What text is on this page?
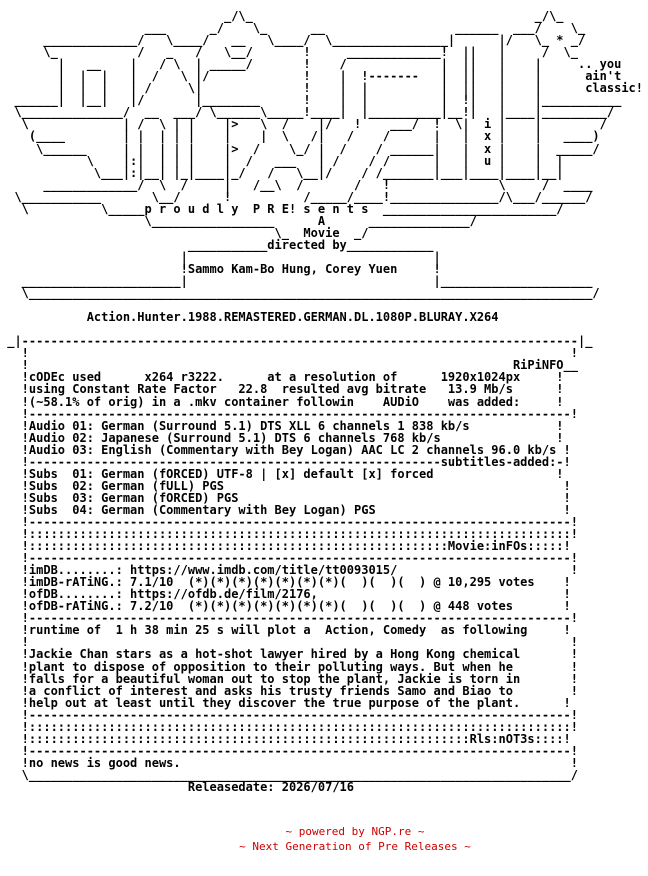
_/\_                                       _/\_
___      _/    \_      __                  ______  ___/    \_
_____________/   \____/   __   \____/  \________________|      |/   \_ * _/
\_           /   _   /   \__/       !     _____________!  ||   |     /  \_
|   __    |   / \  | _____/       !    /             |  ||   |    |     .. you
|  |  |   |  /   \ |/             !    |  !-------   |  ||   |    |      ain't
|  |  |   | /     \|              !    |  |          |  ||   |    |      classic!
______|  |__|   |/       |________      !    |  |          |  !|   |    |___________
\______________/  __  ___/ \______\_____!____|  |__________|__!|   |____|_________/
\             | /  \ | |    |>   \  /    |/   !    ___/  !  \|  i |    |        /
(____        | |  | | |    |    |  \   /|   /    /      |   |  x |    |   ____)
\______     | |  | | |    |>  /    \_/ |  /    / ______|   |  x |    |  _____/
\    |:|  | | |    |  /   ___   | /    / /      |   |  u |    |  |
\___|:|__| |_|____|_/   /   \__|/    / /_______|___|____|____|__|
_____________/  \  /     |   /__\  /       /   !               \     /  ____
\___________       \__/      !          /_____/____!_______________/\___/______/
\          \_____p r o u d l y  P R E! s e n t s  ________________________/
\_________________      A      ______________/
\_  Movie  _/
___________directed by____________
|                                  |
!Sammo Kam-Bo Hung, Corey Yuen     !
______________________|                                  |_____________________
\______________________________________________________________________________/

Action.Hunter.1988.REMASTERED.GERMAN.DL.1080P.BLURAY.X264

_|-----------------------------------------------------------------------------|_
!                                                                           !
!                                                                   RiPiNFO__
!cODEc used      x264 r3222.      at a resolution of      1920x1024px     !
!using Constant Rate Factor   22.8  resulted avg bitrate   13.9 Mb/s      !
!(~58.1% of orig) in a .mkv container followin    AUDiO    was added:     !
!---------------------------------------------------------------------------!
!Audio 01: German (Surround 5.1) DTS XLL 6 channels 1 838 kb/s            !
!Audio 02: Japanese (Surround 5.1) DTS 6 channels 768 kb/s                !
!Audio 03: English (Commentary with Bey Logan) AAC LC 2 channels 96.0 kb/s !
!---------------------------------------------------------subtitles-added:-!
!Subs  01: German (fORCED) UTF-8 | [x] default [x] forced                 !
!Subs  02: German (fULL) PGS                                               !
!Subs  03: German (fORCED) PGS                                             !
!Subs  04: German (Commentary with Bey Logan) PGS                          !
!---------------------------------------------------------------------------!
!:::::::::::::::::::::::::::::::::::::::::::::::::::::::::::::::::::::::::::!
!::::::::::::::::::::::::::::::::::::::::::::::::::::::::::Movie:inFOs:::::!
!---------------------------------------------------------------------------!
!imDB........: https://www.imdb.com/title/tt0093015/                        !
!imDB-rATiNG.: 7.1/10  (*)(*)(*)(*)(*)(*)(*)(  )(  )(  ) @ 10,295 votes    !
!ofDB........: https://ofdb.de/film/2176,                                  !
!ofDB-rATiNG.: 7.2/10  (*)(*)(*)(*)(*)(*)(*)(  )(  )(  ) @ 448 votes       !
!---------------------------------------------------------------------------!
!runtime of  1 h 38 min 25 s will plot a  Action, Comedy  as following     !
!                                                                           !
!Jackie Chan stars as a hot-shot lawyer hired by a Hong Kong chemical       !
!plant to dispose of opposition to their polluting ways. But when he        !
!falls for a beautiful woman out to stop the plant, Jackie is torn in       !
!a conflict of interest and asks his trusty friends Samo and Biao to        !
!help out at least until they discover the true purpose of the plant.      !
!---------------------------------------------------------------------------!
!:::::::::::::::::::::::::::::::::::::::::::::::::::::::::::::::::::::::::::!
!:::::::::::::::::::::::::::::::::::::::::::::::::::::::::::::Rls:nOT3s::::!
!---------------------------------------------------------------------------!
!no news is good news.                                                      !
\___________________________________________________________________________/
Releasedate: 2026/07/16
~ powered by NGP.re ~
~ Next Generation of Pre Releases ~
